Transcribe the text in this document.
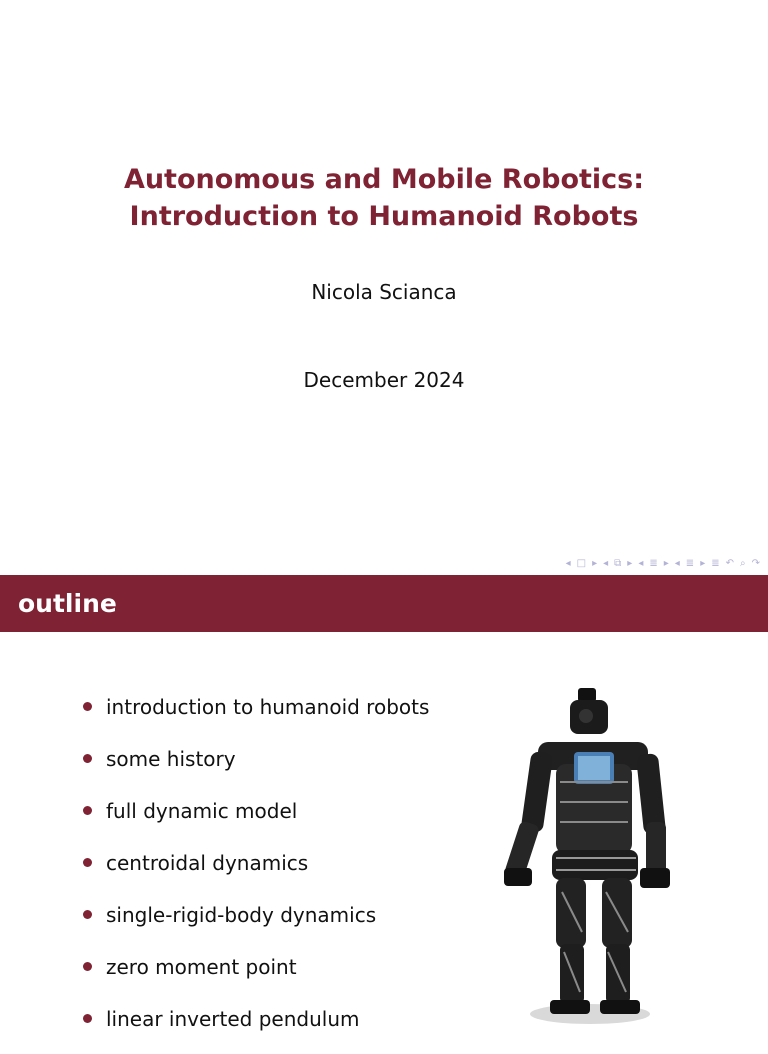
Autonomous and Mobile Robotics:
Introduction to Humanoid Robots
Nicola Scianca
December 2024
◂ □ ▸ ◂ ⧉ ▸ ◂ ≣ ▸ ◂ ≣ ▸ ≣ ↶ ⌕ ↷
outline
introduction to humanoid robots
some history
full dynamic model
centroidal dynamics
single-rigid-body dynamics
zero moment point
linear inverted pendulum
